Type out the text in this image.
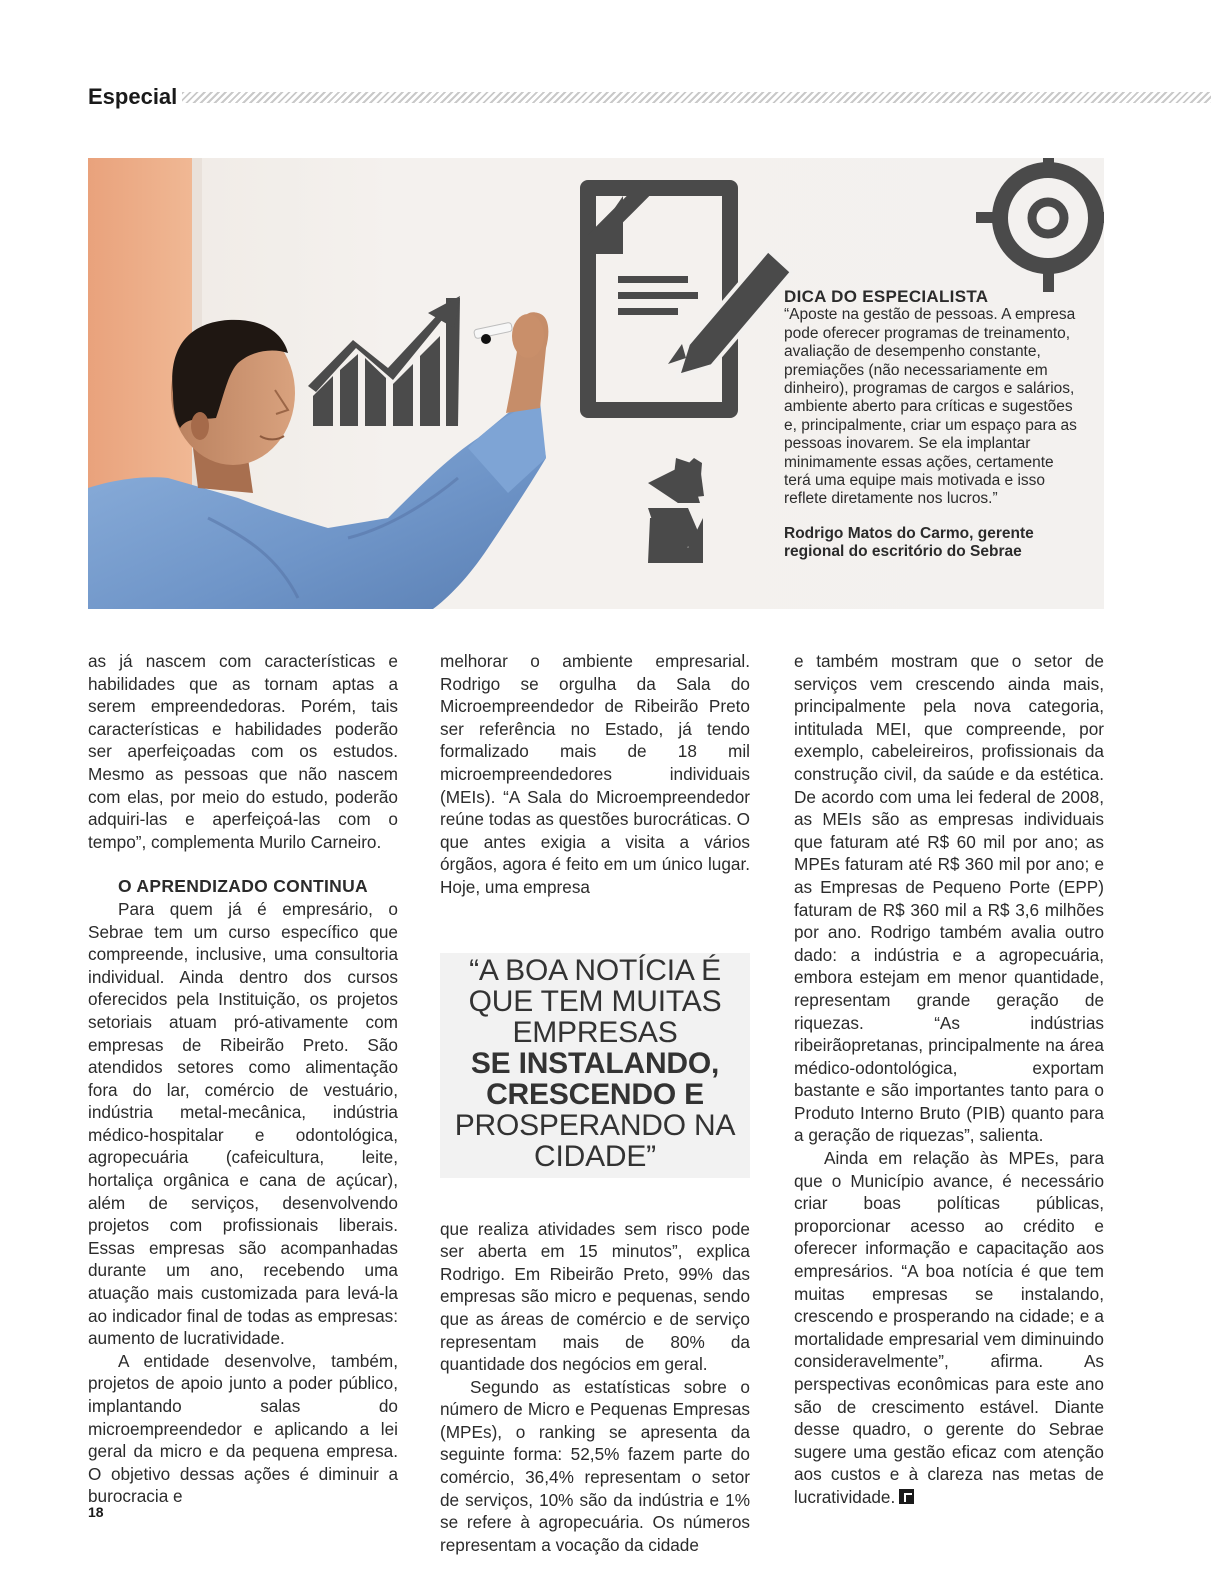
Especial
DICA DO ESPECIALISTA
“Aposte na gestão de pessoas. A empresa pode oferecer programas de treinamento, avaliação de desempenho constante, premiações (não necessariamente em dinheiro), programas de cargos e salários, ambiente aberto para críticas e sugestões e, principalmente, criar um espaço para as pessoas inovarem. Se ela implantar minimamente essas ações, certamente terá uma equipe mais motivada e isso reflete diretamente nos lucros.”
Rodrigo Matos do Carmo, gerente regional do escritório do Sebrae

as já nascem com características e habilidades que as tornam aptas a serem empreendedoras. Porém, tais características e habilidades poderão ser aperfeiçoadas com os estudos. Mesmo as pessoas que não nascem com elas, por meio do estudo, poderão adquiri-las e aperfeiçoá-las com o tempo”, complementa Murilo Carneiro.

O APRENDIZADO CONTINUA

Para quem já é empresário, o Sebrae tem um curso específico que compreende, inclusive, uma consultoria individual. Ainda dentro dos cursos oferecidos pela Instituição, os projetos setoriais atuam pró-ativamente com empresas de Ribeirão Preto. São atendidos setores como alimentação fora do lar, comércio de vestuário, indústria metal-mecânica, indústria médico-hospitalar e odontológica, agropecuária (cafeicultura, leite, hortaliça orgânica e cana de açúcar), além de serviços, desenvolvendo projetos com profissionais liberais. Essas empresas são acompanhadas durante um ano, recebendo uma atuação mais customizada para levá-la ao indicador final de todas as empresas: aumento de lucratividade.

A entidade desenvolve, também, projetos de apoio junto a poder público, implantando salas do microempreendedor e aplicando a lei geral da micro e da pequena empresa. O objetivo dessas ações é diminuir a burocracia e

melhorar o ambiente empresarial. Rodrigo se orgulha da Sala do Microempreendedor de Ribeirão Preto ser referência no Estado, já tendo formalizado mais de 18 mil microempreendedores individuais (MEIs). “A Sala do Microempreendedor reúne todas as questões burocráticas. O que antes exigia a visita a vários órgãos, agora é feito em um único lugar. Hoje, uma empresa

“A BOA NOTÍCIA É QUE TEM MUITAS EMPRESAS
SE INSTALANDO, CRESCENDO E
PROSPERANDO NA CIDADE”

que realiza atividades sem risco pode ser aberta em 15 minutos”, explica Rodrigo. Em Ribeirão Preto, 99% das empresas são micro e pequenas, sendo que as áreas de comércio e de serviço representam mais de 80% da quantidade dos negócios em geral.

Segundo as estatísticas sobre o número de Micro e Pequenas Empresas (MPEs), o ranking se apresenta da seguinte forma: 52,5% fazem parte do comércio, 36,4% representam o setor de serviços, 10% são da indústria e 1% se refere à agropecuária. Os números representam a vocação da cidade

e também mostram que o setor de serviços vem crescendo ainda mais, principalmente pela nova categoria, intitulada MEI, que compreende, por exemplo, cabeleireiros, profissionais da construção civil, da saúde e da estética. De acordo com uma lei federal de 2008, as MEIs são as empresas individuais que faturam até R$ 60 mil por ano; as MPEs faturam até R$ 360 mil por ano; e as Empresas de Pequeno Porte (EPP) faturam de R$ 360 mil a R$ 3,6 milhões por ano. Rodrigo também avalia outro dado: a indústria e a agropecuária, embora estejam em menor quantidade, representam grande geração de riquezas. “As indústrias ribeirãopretanas, principalmente na área médico-odontológica, exportam bastante e são importantes tanto para o Produto Interno Bruto (PIB) quanto para a geração de riquezas”, salienta.

Ainda em relação às MPEs, para que o Município avance, é necessário criar boas políticas públicas, proporcionar acesso ao crédito e oferecer informação e capacitação aos empresários. “A boa notícia é que tem muitas empresas se instalando, crescendo e prosperando na cidade; e a mortalidade empresarial vem diminuindo consideravelmente”, afirma. As perspectivas econômicas para este ano são de crescimento estável. Diante desse quadro, o gerente do Sebrae sugere uma gestão eficaz com atenção aos custos e à clareza nas metas de lucratividade.

18
